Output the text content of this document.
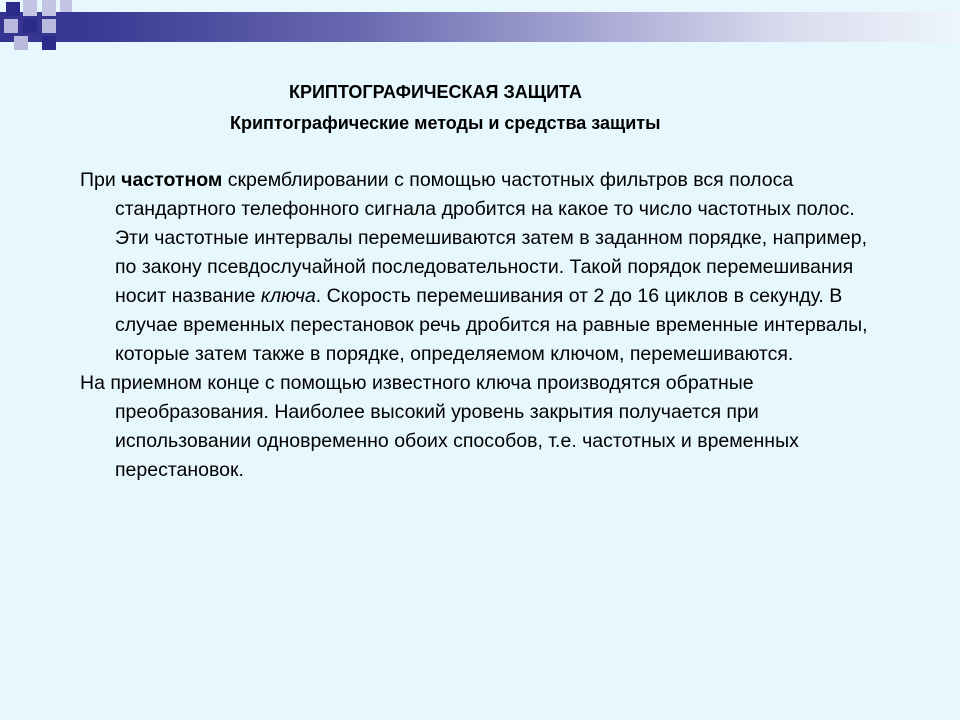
КРИПТОГРАФИЧЕСКАЯ ЗАЩИТА
Криптографические методы и средства защиты

При частотном скремблировании с помощью частотных фильтров вся полоса стандартного телефонного сигнала дробится на какое то число частотных полос. Эти частотные интервалы перемешиваются затем в заданном порядке, например, по закону псевдослучайной последовательности. Такой порядок перемешивания носит название ключа. Скорость перемешивания от 2 до 16 циклов в секунду. В случае временных перестановок речь дробится на равные временные интервалы, которые затем также в порядке, определяемом ключом, перемешиваются.

На приемном конце с помощью известного ключа производятся обратные преобразования. Наиболее высокий уровень закрытия получается при использовании одновременно обоих способов, т.е. частотных и временных перестановок.
